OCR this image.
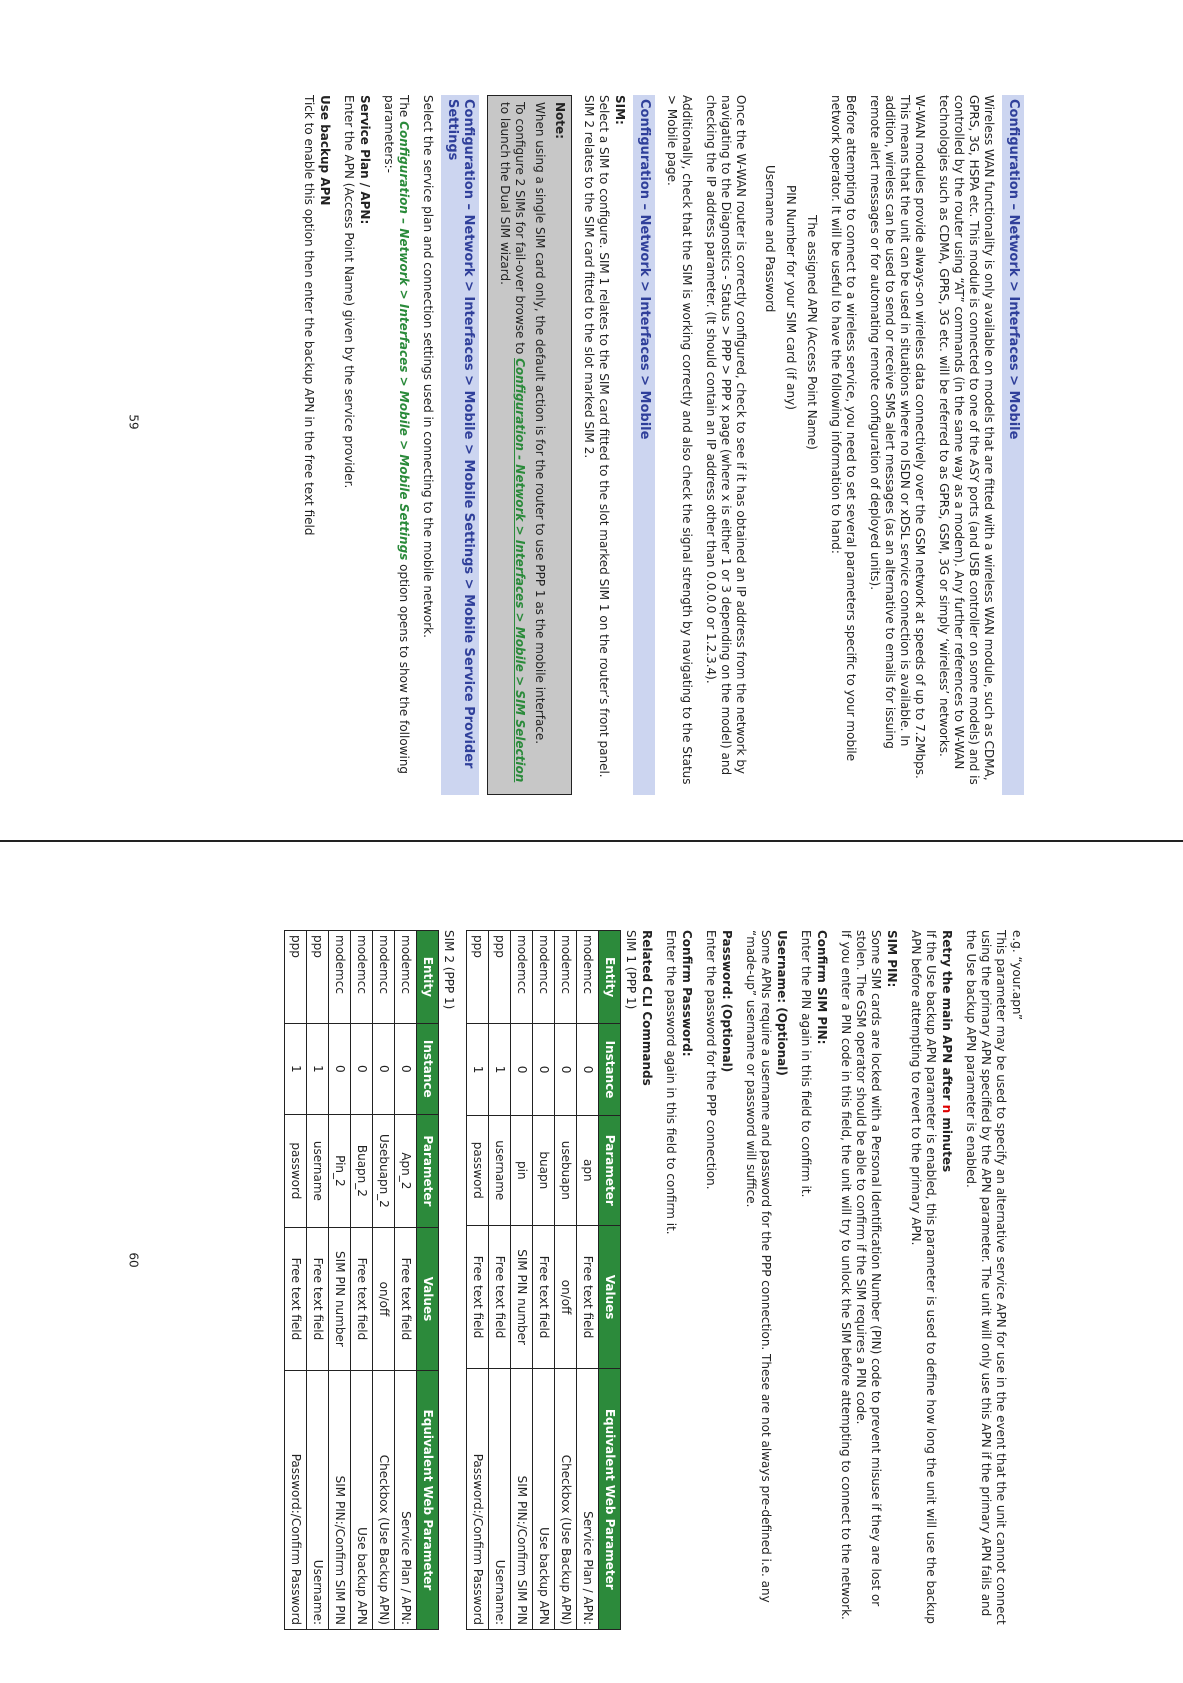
Configuration – Network > Interfaces > Mobile

Wireless WAN functionality is only available on models that are fitted with a wireless WAN module, such as CDMA, GPRS, 3G, HSPA etc. This module is connected to one of the ASY ports (and USB controller on some models) and is controlled by the router using “AT” commands (in the same way as a modem). Any further references to W-WAN technologies such as CDMA, GPRS, 3G etc. will be referred to as GPRS, GSM, 3G or simply ‘wireless’ networks.

W-WAN modules provide always-on wireless data connectively over the GSM network at speeds of up to 7.2Mbps. This means that the unit can be used in situations where no ISDN or xDSL service connection is available. In addition, wireless can be used to send or receive SMS alert messages (as an alternative to emails for issuing remote alert messages or for automating remote configuration of deployed units).

Before attempting to connect to a wireless service, you need to set several parameters specific to your mobile network operator. It will be useful to have the following information to hand:

The assigned APN (Access Point Name)
PIN Number for your SIM card (if any)
Username and Password

Once the W-WAN router is correctly configured, check to see if it has obtained an IP address from the network by navigating to the Diagnostics - Status > PPP > PPP x page (where x is either 1 or 3 depending on the model) and checking the IP address parameter. (It should contain an IP address other than 0.0.0.0 or 1.2.3.4).

Additionally, check that the SIM is working correctly and also check the signal strength by navigating to the Status > Mobile page.

Configuration – Network > Interfaces > Mobile
SIM:

Select a SIM to configure. SIM 1 relates to the SIM card fitted to the slot marked SIM 1 on the router’s front panel. SIM 2 relates to the SIM card fitted to the slot marked SIM 2.

Note:

When using a single SIM card only, the default action is for the router to use PPP 1 as the mobile interface.

To configure 2 SIMs for fail-over browse to Configuration - Network > Interfaces > Mobile > SIM Selection to launch the Dual SIM wizard.

Configuration – Network > Interfaces > Mobile > Mobile Settings > Mobile Service Provider Settings

Select the service plan and connection settings used in connecting to the mobile network.

The Configuration – Network > Interfaces > Mobile > Mobile Settings option opens to show the following parameters:-

Service Plan / APN:

Enter the APN (Access Point Name) given by the service provider.

Use backup APN

Tick to enable this option then enter the backup APN in the free text field

59
e.g. “your.apn”

This parameter may be used to specify an alternative service APN for use in the event that the unit cannot connect using the primary APN specified by the APN parameter. The unit will only use this APN if the primary APN fails and the Use backup APN parameter is enabled.

Retry the main APN after n minutes

If the Use backup APN parameter is enabled, this parameter is used to define how long the unit will use the backup APN before attempting to revert to the primary APN.

SIM PIN:
Some SIM cards are locked with a Personal Identification Number (PIN) code to prevent misuse if they are lost or stolen. The GSM operator should be able to confirm if the SIM requires a PIN code.

If you enter a PIN code in this field, the unit will try to unlock the SIM before attempting to connect to the network.

Confirm SIM PIN:

Enter the PIN again in this field to confirm it.

Username: (Optional)

Some APNs require a username and password for the PPP connection. These are not always pre-defined i.e. any “made-up” username or password will suffice.

Password: (Optional)

Enter the password for the PPP connection.

Confirm Password:

Enter the password again in this field to confirm it.

Related CLI Commands
SIM 1 (PPP 1)
Entity	Instance	Parameter	Values	Equivalent Web Parameter
modemcc	0	apn	Free text field	Service Plan / APN:
modemcc	0	usebuapn	on/off	Checkbox (Use Backup APN)
modemcc	0	buapn	Free text field	Use backup APN
modemcc	0	pin	SIM PIN number	SIM PIN:/Confirm SIM PIN
ppp	1	username	Free text field	Username:
ppp	1	password	Free text field	Password:/Confirm Password
SIM 2 (PPP 1)
Entity	Instance	Parameter	Values	Equivalent Web Parameter
modemcc	0	Apn_2	Free text field	Service Plan / APN:
modemcc	0	Usebuapn_2	on/off	Checkbox (Use Backup APN)
modemcc	0	Buapn_2	Free text field	Use backup APN
modemcc	0	Pin_2	SIM PIN number	SIM PIN:/Confirm SIM PIN
ppp	1	username	Free text field	Username:
ppp	1	password	Free text field	Password:/Confirm Password
60
